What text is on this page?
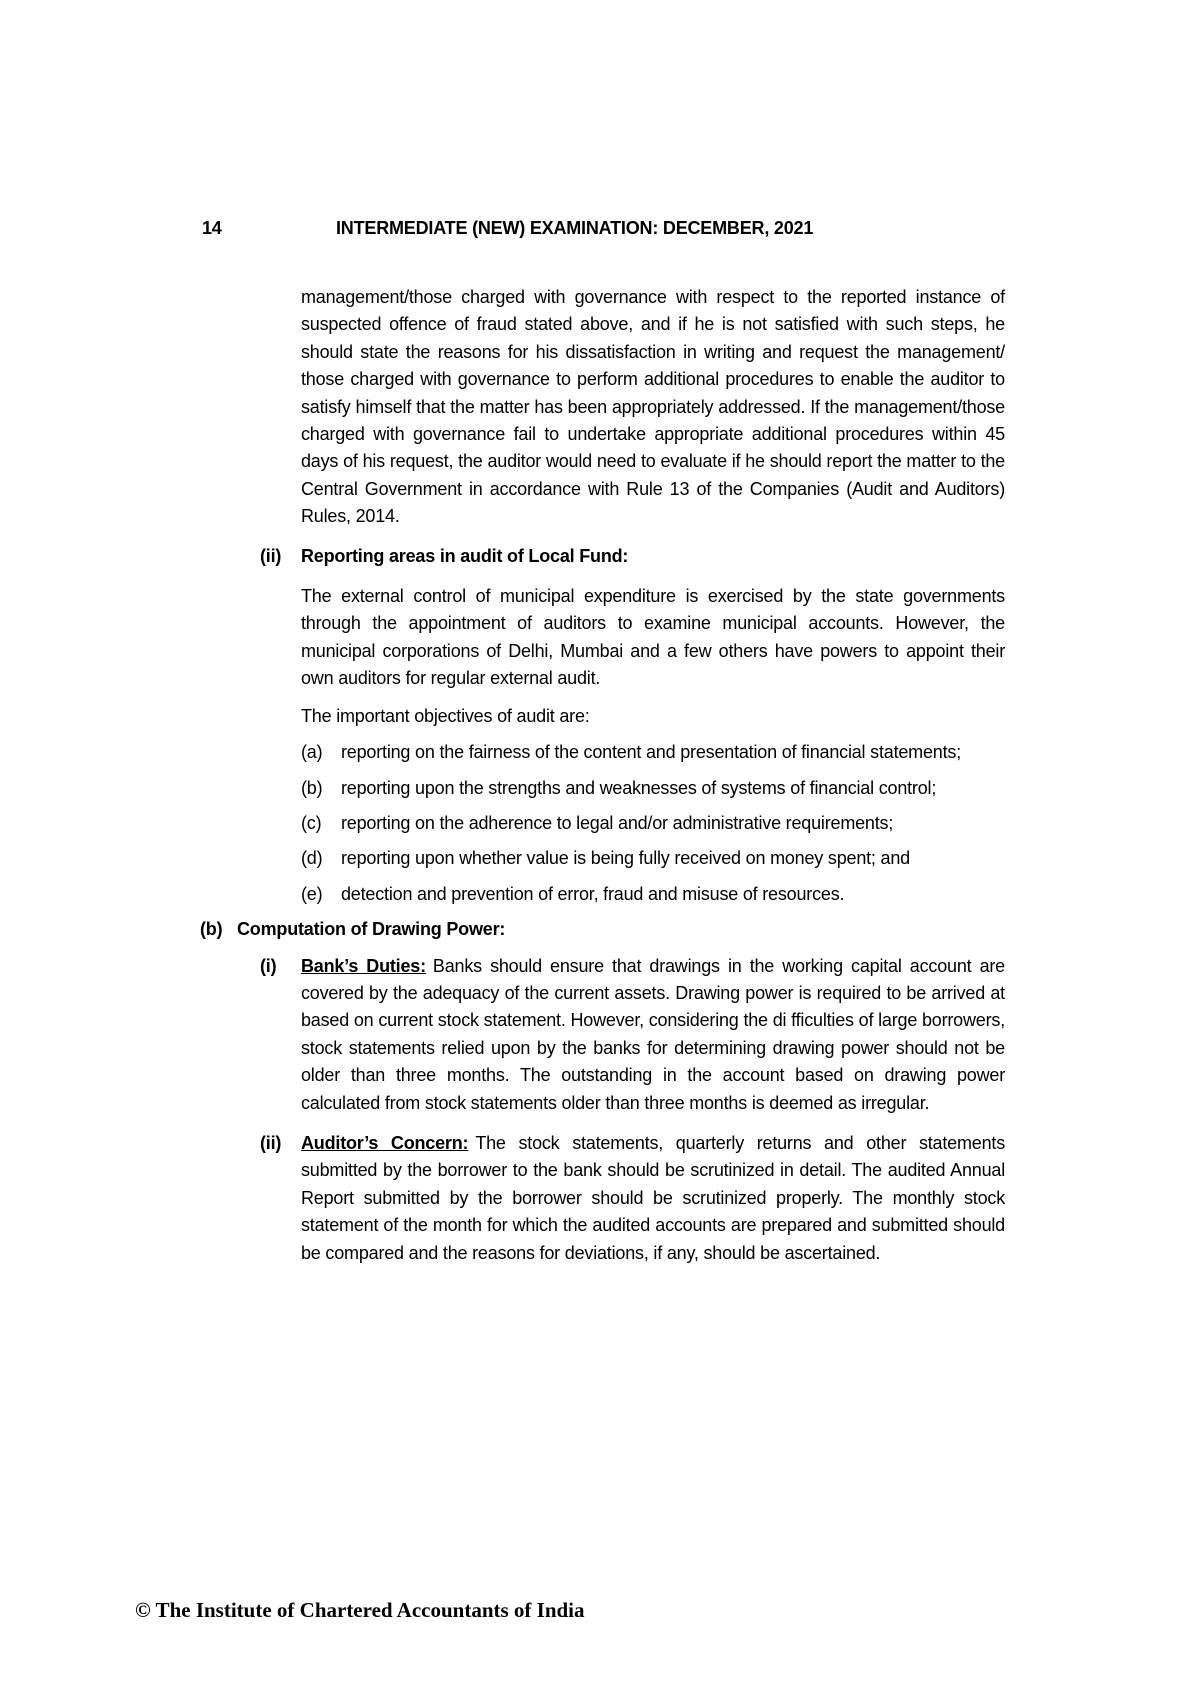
14	INTERMEDIATE (NEW) EXAMINATION: DECEMBER, 2021

management/those charged with governance with respect to the reported instance of suspected offence of fraud stated above, and if he is not satisfied with such steps, he should state the reasons for his dissatisfaction in writing and request the management/ those charged with governance to perform additional procedures to enable the auditor to satisfy himself that the matter has been appropriately addressed. If the management/those charged with governance fail to undertake appropriate additional procedures within 45 days of his request, the auditor would need to evaluate if he should report the matter to the Central Government in accordance with Rule 13 of the Companies (Audit and Auditors) Rules, 2014.

(ii)	Reporting areas in audit of Local Fund:

The external control of municipal expenditure is exercised by the state governments through the appointment of auditors to examine municipal accounts. However, the municipal corporations of Delhi, Mumbai and a few others have powers to appoint their own auditors for regular external audit.

The important objectives of audit are:

(a)	reporting on the fairness of the content and presentation of financial statements;
(b)	reporting upon the strengths and weaknesses of systems of financial control;
(c)	reporting on the adherence to legal and/or administrative requirements;
(d)	reporting upon whether value is being fully received on money spent; and
(e)	detection and prevention of error, fraud and misuse of resources.
(b) Computation of Drawing Power:
(i)	Bank’s Duties: Banks should ensure that drawings in the working capital account are covered by the adequacy of the current assets. Drawing power is required to be arrived at based on current stock statement. However, considering the di fficulties of large borrowers, stock statements relied upon by the banks for determining drawing power should not be older than three months. The outstanding in the account based on drawing power calculated from stock statements older than three months is deemed as irregular.
(ii)	Auditor’s Concern: The stock statements, quarterly returns and other statements submitted by the borrower to the bank should be scrutinized in detail. The audited Annual Report submitted by the borrower should be scrutinized properly. The monthly stock statement of the month for which the audited accounts are prepared and submitted should be compared and the reasons for deviations, if any, should be ascertained.
© The Institute of Chartered Accountants of India
